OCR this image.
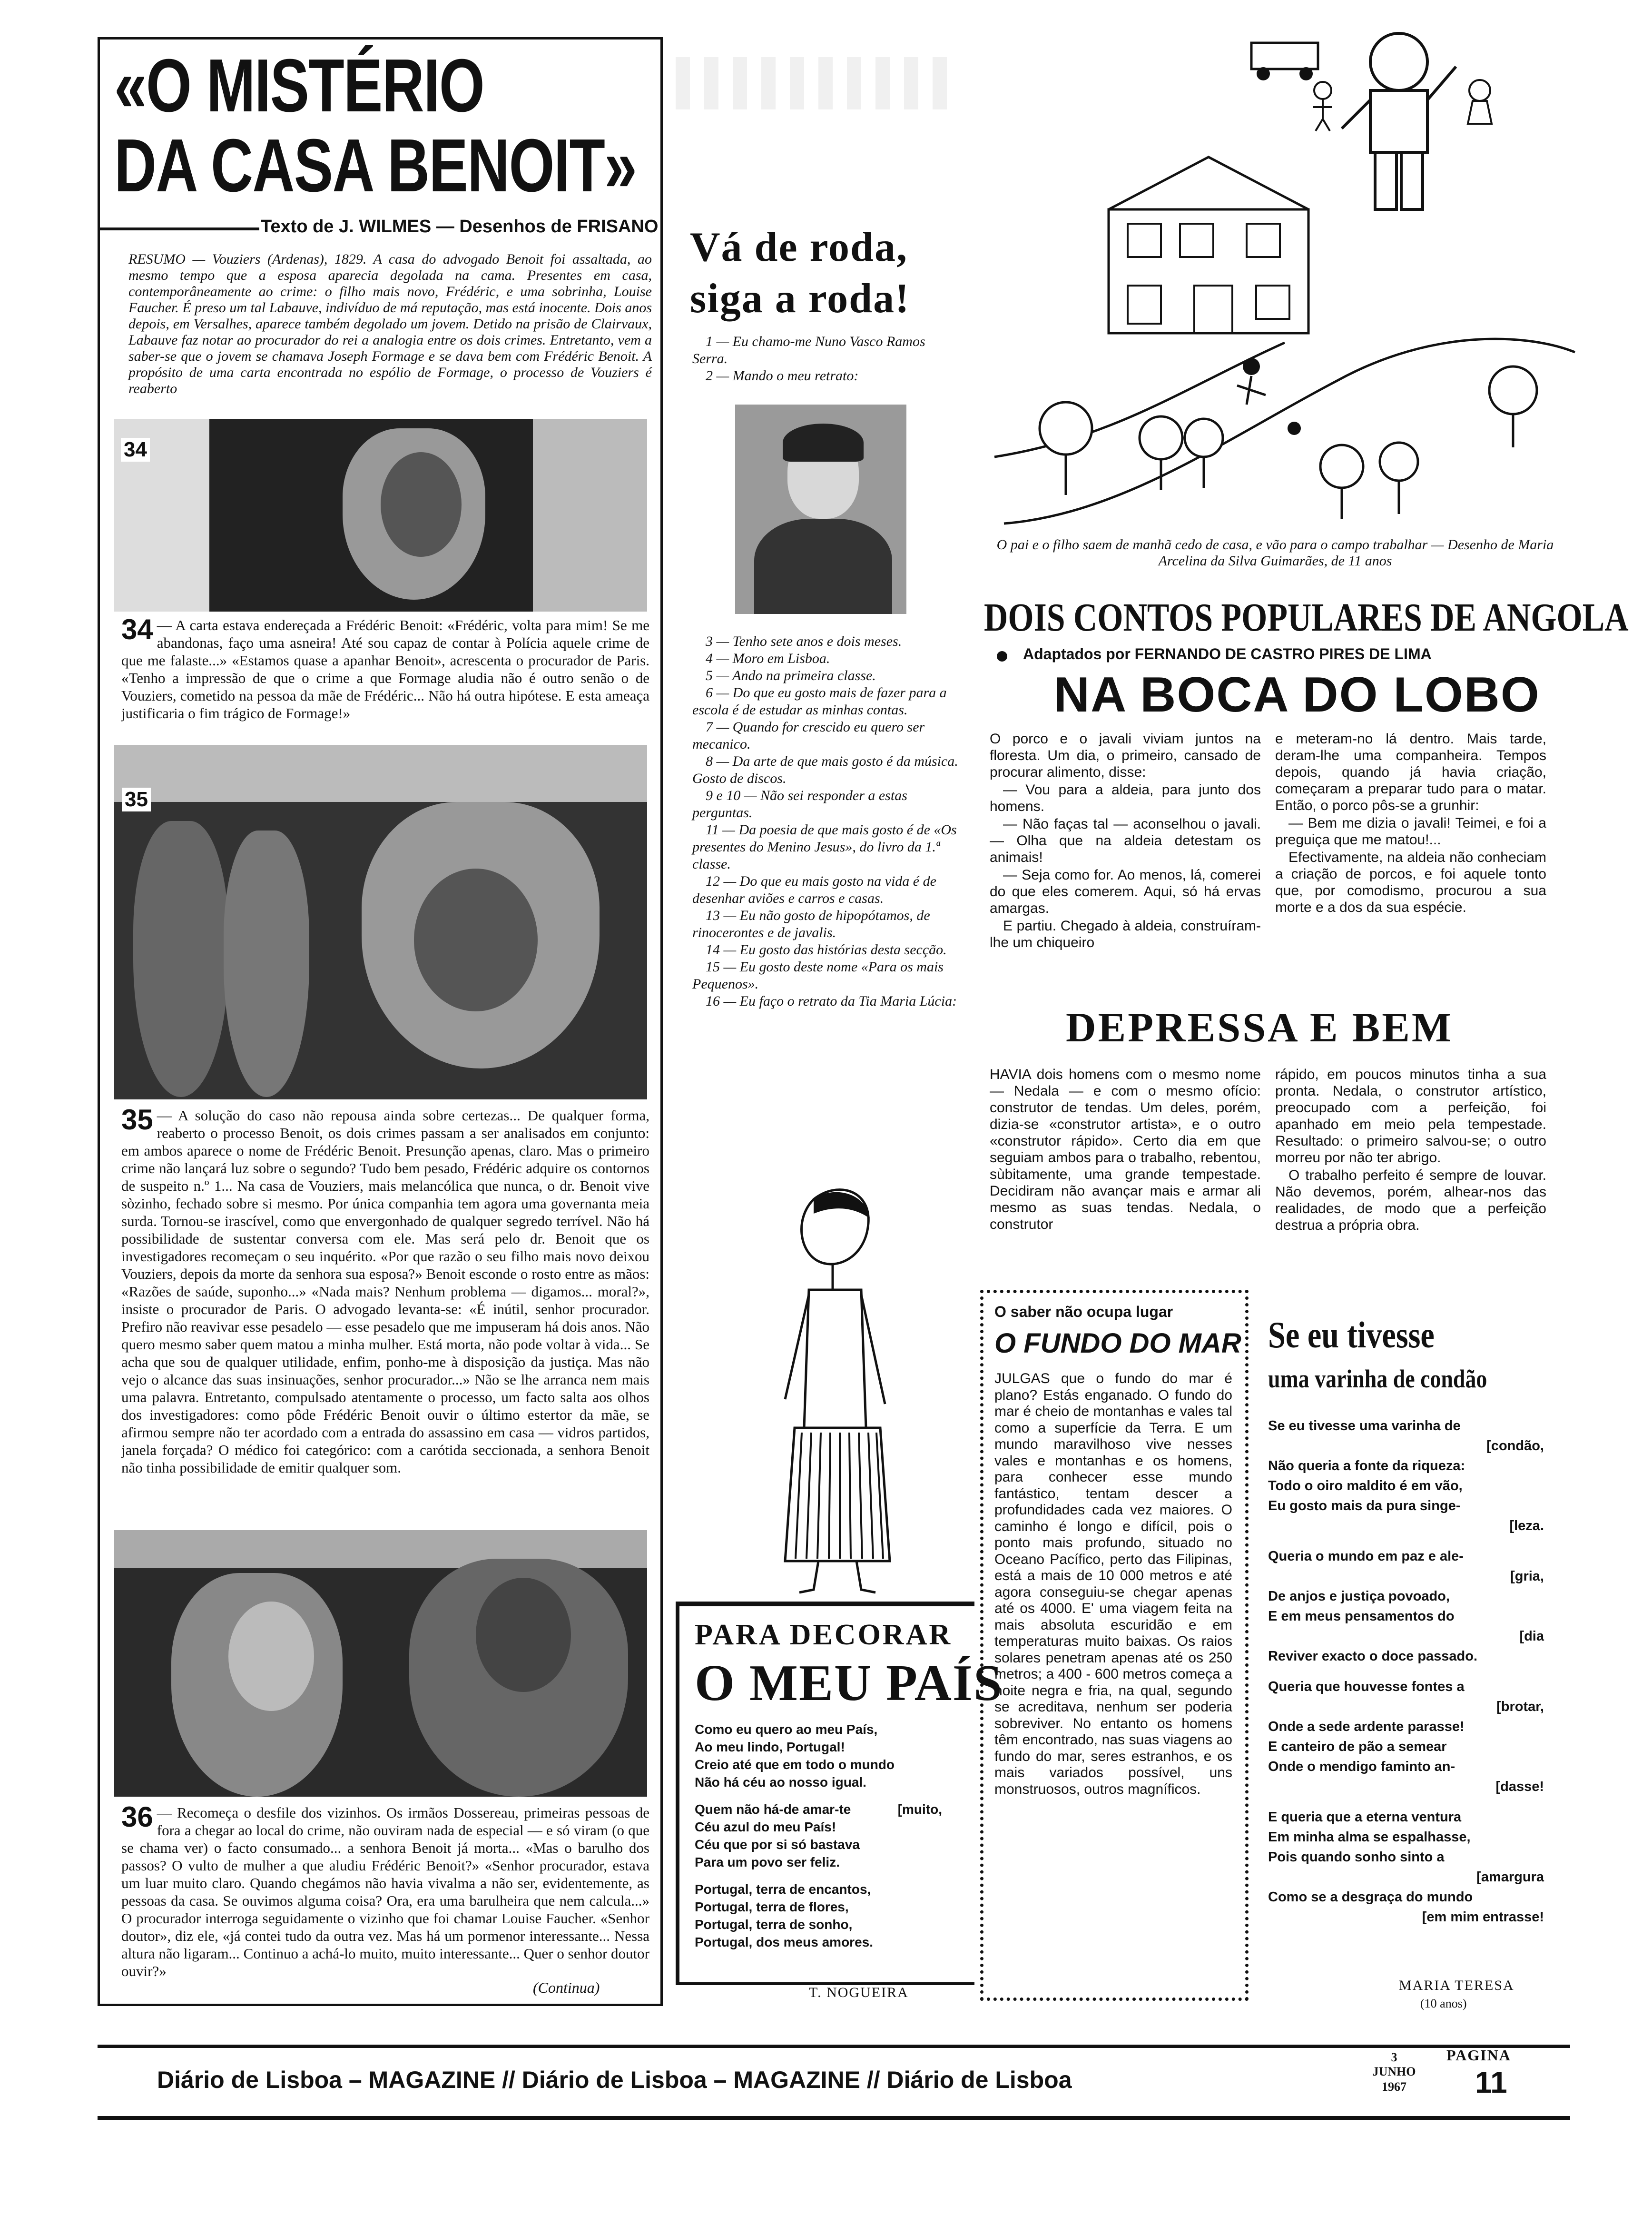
«O MISTÉRIO
DA CASA BENOIT»
Texto de J. WILMES — Desenhos de FRISANO
RESUMO — Vouziers (Ardenas), 1829. A casa do advogado Benoit foi assaltada, ao mesmo tempo que a esposa aparecia degolada na cama. Presentes em casa, contemporâneamente ao crime: o filho mais novo, Frédéric, e uma sobrinha, Louise Faucher. É preso um tal Labauve, indivíduo de má reputação, mas está inocente. Dois anos depois, em Versalhes, aparece também degolado um jovem. Detido na prisão de Clairvaux, Labauve faz notar ao procurador do rei a analogia entre os dois crimes. Entretanto, vem a saber-se que o jovem se chamava Joseph Formage e se dava bem com Frédéric Benoit. A propósito de uma carta encontrada no espólio de Formage, o processo de Vouziers é reaberto
34
34 — A carta estava endereçada a Frédéric Benoit: «Frédéric, volta para mim! Se me abandonas, faço uma asneira! Até sou capaz de contar à Polícia aquele crime de que me falaste...» «Estamos quase a apanhar Benoit», acrescenta o procurador de Paris. «Tenho a impressão de que o crime a que Formage aludia não é outro senão o de Vouziers, cometido na pessoa da mãe de Frédéric... Não há outra hipótese. E esta ameaça justificaria o fim trágico de Formage!»
35
35 — A solução do caso não repousa ainda sobre certezas... De qualquer forma, reaberto o processo Benoit, os dois crimes passam a ser analisados em conjunto: em ambos aparece o nome de Frédéric Benoit. Presunção apenas, claro. Mas o primeiro crime não lançará luz sobre o segundo? Tudo bem pesado, Frédéric adquire os contornos de suspeito n.º 1... Na casa de Vouziers, mais melancólica que nunca, o dr. Benoit vive sòzinho, fechado sobre si mesmo. Por única companhia tem agora uma governanta meia surda. Tornou-se irascível, como que envergonhado de qualquer segredo terrível. Não há possibilidade de sustentar conversa com ele. Mas será pelo dr. Benoit que os investigadores recomeçam o seu inquérito. «Por que razão o seu filho mais novo deixou Vouziers, depois da morte da senhora sua esposa?» Benoit esconde o rosto entre as mãos: «Razões de saúde, suponho...» «Nada mais? Nenhum problema — digamos... moral?», insiste o procurador de Paris. O advogado levanta-se: «É inútil, senhor procurador. Prefiro não reavivar esse pesadelo — esse pesadelo que me impuseram há dois anos. Não quero mesmo saber quem matou a minha mulher. Está morta, não pode voltar à vida... Se acha que sou de qualquer utilidade, enfim, ponho-me à disposição da justiça. Mas não vejo o alcance das suas insinuações, senhor procurador...» Não se lhe arranca nem mais uma palavra. Entretanto, compulsado atentamente o processo, um facto salta aos olhos dos investigadores: como pôde Frédéric Benoit ouvir o último estertor da mãe, se afirmou sempre não ter acordado com a entrada do assassino em casa — vidros partidos, janela forçada? O médico foi categórico: com a carótida seccionada, a senhora Benoit não tinha possibilidade de emitir qualquer som.
36 — Recomeça o desfile dos vizinhos. Os irmãos Dossereau, primeiras pessoas de fora a chegar ao local do crime, não ouviram nada de especial — e só viram (o que se chama ver) o facto consumado... a senhora Benoit já morta... «Mas o barulho dos passos? O vulto de mulher a que aludiu Frédéric Benoit?» «Senhor procurador, estava um luar muito claro. Quando chegámos não havia vivalma a não ser, evidentemente, as pessoas da casa. Se ouvimos alguma coisa? Ora, era uma barulheira que nem calcula...» O procurador interroga seguidamente o vizinho que foi chamar Louise Faucher. «Senhor doutor», diz ele, «já contei tudo da outra vez. Mas há um pormenor interessante... Nessa altura não ligaram... Continuo a achá-lo muito, muito interessante... Quer o senhor doutor ouvir?»
(Continua)
Vá de roda,
siga a roda!

1 — Eu chamo-me Nuno Vasco Ramos Serra.

2 — Mando o meu retrato:

3 — Tenho sete anos e dois meses.

4 — Moro em Lisboa.

5 — Ando na primeira classe.

6 — Do que eu gosto mais de fazer para a escola é de estudar as minhas contas.

7 — Quando for crescido eu quero ser mecanico.

8 — Da arte de que mais gosto é da música. Gosto de discos.

9 e 10 — Não sei responder a estas perguntas.

11 — Da poesia de que mais gosto é de «Os presentes do Menino Jesus», do livro da 1.ª classe.

12 — Do que eu mais gosto na vida é de desenhar aviões e carros e casas.

13 — Eu não gosto de hipopótamos, de rinocerontes e de javalis.

14 — Eu gosto das histórias desta secção.

15 — Eu gosto deste nome «Para os mais Pequenos».

16 — Eu faço o retrato da Tia Maria Lúcia:

PARA DECORAR
O MEU PAÍS

Como eu quero ao meu País,

Ao meu lindo, Portugal!

Creio até que em todo o mundo

Não há céu ao nosso igual.

Quem não há-de amar-te	[muito,

Céu azul do meu País!

Céu que por si só bastava

Para um povo ser feliz.

Portugal, terra de encantos,

Portugal, terra de flores,

Portugal, terra de sonho,

Portugal, dos meus amores.

T. NOGUEIRA
O pai e o filho saem de manhã cedo de casa, e vão para o campo trabalhar — Desenho de Maria Arcelina da Silva Guimarães, de 11 anos
DOIS CONTOS POPULARES DE ANGOLA
Adaptados por FERNANDO DE CASTRO PIRES DE LIMA
NA BOCA DO LOBO

O porco e o javali viviam juntos na floresta. Um dia, o primeiro, cansado de procurar alimento, disse:

— Vou para a aldeia, para junto dos homens.

— Não faças tal — aconselhou o javali. — Olha que na aldeia detestam os animais!

— Seja como for. Ao menos, lá, comerei do que eles comerem. Aqui, só há ervas amargas.

E partiu. Chegado à aldeia, construíram-lhe um chiqueiro

e meteram-no lá dentro. Mais tarde, deram-lhe uma companheira. Tempos depois, quando já havia criação, começaram a preparar tudo para o matar. Então, o porco pôs-se a grunhir:

— Bem me dizia o javali! Teimei, e foi a preguiça que me matou!...

Efectivamente, na aldeia não conheciam a criação de porcos, e foi aquele tonto que, por comodismo, procurou a sua morte e a dos da sua espécie.

DEPRESSA E BEM

HAVIA dois homens com o mesmo nome — Nedala — e com o mesmo ofício: construtor de tendas. Um deles, porém, dizia-se «construtor artista», e o outro «construtor rápido». Certo dia em que seguiam ambos para o trabalho, rebentou, sùbitamente, uma grande tempestade. Decidiram não avançar mais e armar ali mesmo as suas tendas. Nedala, o construtor

rápido, em poucos minutos tinha a sua pronta. Nedala, o construtor artístico, preocupado com a perfeição, foi apanhado em meio pela tempestade. Resultado: o primeiro salvou-se; o outro morreu por não ter abrigo.

O trabalho perfeito é sempre de louvar. Não devemos, porém, alhear-nos das realidades, de modo que a perfeição destrua a própria obra.

O saber não ocupa lugar
O FUNDO DO MAR
JULGAS que o fundo do mar é plano? Estás enganado. O fundo do mar é cheio de montanhas e vales tal como a superfície da Terra. E um mundo maravilhoso vive nesses vales e montanhas e os homens, para conhecer esse mundo fantástico, tentam descer a profundidades cada vez maiores. O caminho é longo e difícil, pois o ponto mais profundo, situado no Oceano Pacífico, perto das Filipinas, está a mais de 10 000 metros e até agora conseguiu-se chegar apenas até os 4000. E' uma viagem feita na mais absoluta escuridão e em temperaturas muito baixas. Os raios solares penetram apenas até os 250 metros; a 400 - 600 metros começa a noite negra e fria, na qual, segundo se acreditava, nenhum ser poderia sobreviver. No entanto os homens têm encontrado, nas suas viagens ao fundo do mar, seres estranhos, e os mais variados possível, uns monstruosos, outros magníficos.
Se eu tivesse
uma varinha de condão

Se eu tivesse uma varinha de

[condão,

Não queria a fonte da riqueza:

Todo o oiro maldito é em vão,

Eu gosto mais da pura singe-

[leza.

Queria o mundo em paz e ale-

[gria,

De anjos e justiça povoado,

E em meus pensamentos do

[dia

Reviver exacto o doce passado.

Queria que houvesse fontes a

[brotar,

Onde a sede ardente parasse!

E canteiro de pão a semear

Onde o mendigo faminto an-

[dasse!

E queria que a eterna ventura

Em minha alma se espalhasse,

Pois quando sonho sinto a

[amargura

Como se a desgraça do mundo

[em mim entrasse!

MARIA TERESA
(10 anos)
Diário de Lisboa – MAGAZINE // Diário de Lisboa – MAGAZINE // Diário de Lisboa
3
JUNHO
1967
PAGINA
11
